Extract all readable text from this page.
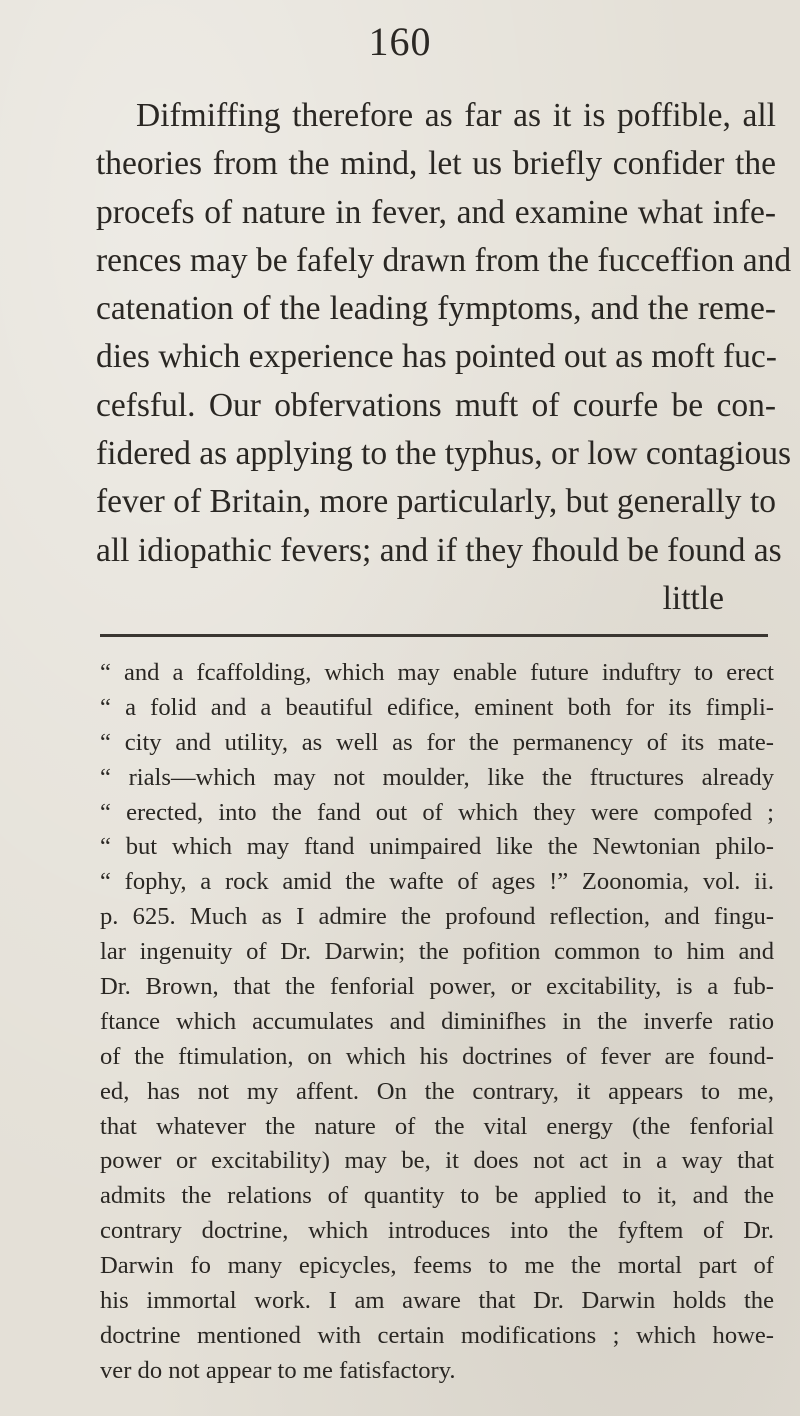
160
Difmiffing therefore as far as it is poffible, all
theories from the mind, let us briefly confider the
procefs of nature in fever, and examine what infe-
rences may be fafely drawn from the fucceffion and
catenation of the leading fymptoms, and the reme-
dies which experience has pointed out as moft fuc-
cefsful. Our obfervations muft of courfe be con-
fidered as applying to the typhus, or low contagious
fever of Britain, more particularly, but generally to
all idiopathic fevers; and if they fhould be found as
little
“ and a fcaffolding, which may enable future induftry to erect
“ a folid and a beautiful edifice, eminent both for its fimpli-
“ city and utility, as well as for the permanency of its mate-
“ rials—which may not moulder, like the ftructures already
“ erected, into the fand out of which they were compofed ;
“ but which may ftand unimpaired like the Newtonian philo-
“ fophy, a rock amid the wafte of ages !” Zoonomia, vol. ii.
p. 625. Much as I admire the profound reflection, and fingu-
lar ingenuity of Dr. Darwin; the pofition common to him and
Dr. Brown, that the fenforial power, or excitability, is a fub-
ftance which accumulates and diminifhes in the inverfe ratio
of the ftimulation, on which his doctrines of fever are found-
ed, has not my affent. On the contrary, it appears to me,
that whatever the nature of the vital energy (the fenforial
power or excitability) may be, it does not act in a way that
admits the relations of quantity to be applied to it, and the
contrary doctrine, which introduces into the fyftem of Dr.
Darwin fo many epicycles, feems to me the mortal part of
his immortal work. I am aware that Dr. Darwin holds the
doctrine mentioned with certain modifications ; which howe-
ver do not appear to me fatisfactory.
